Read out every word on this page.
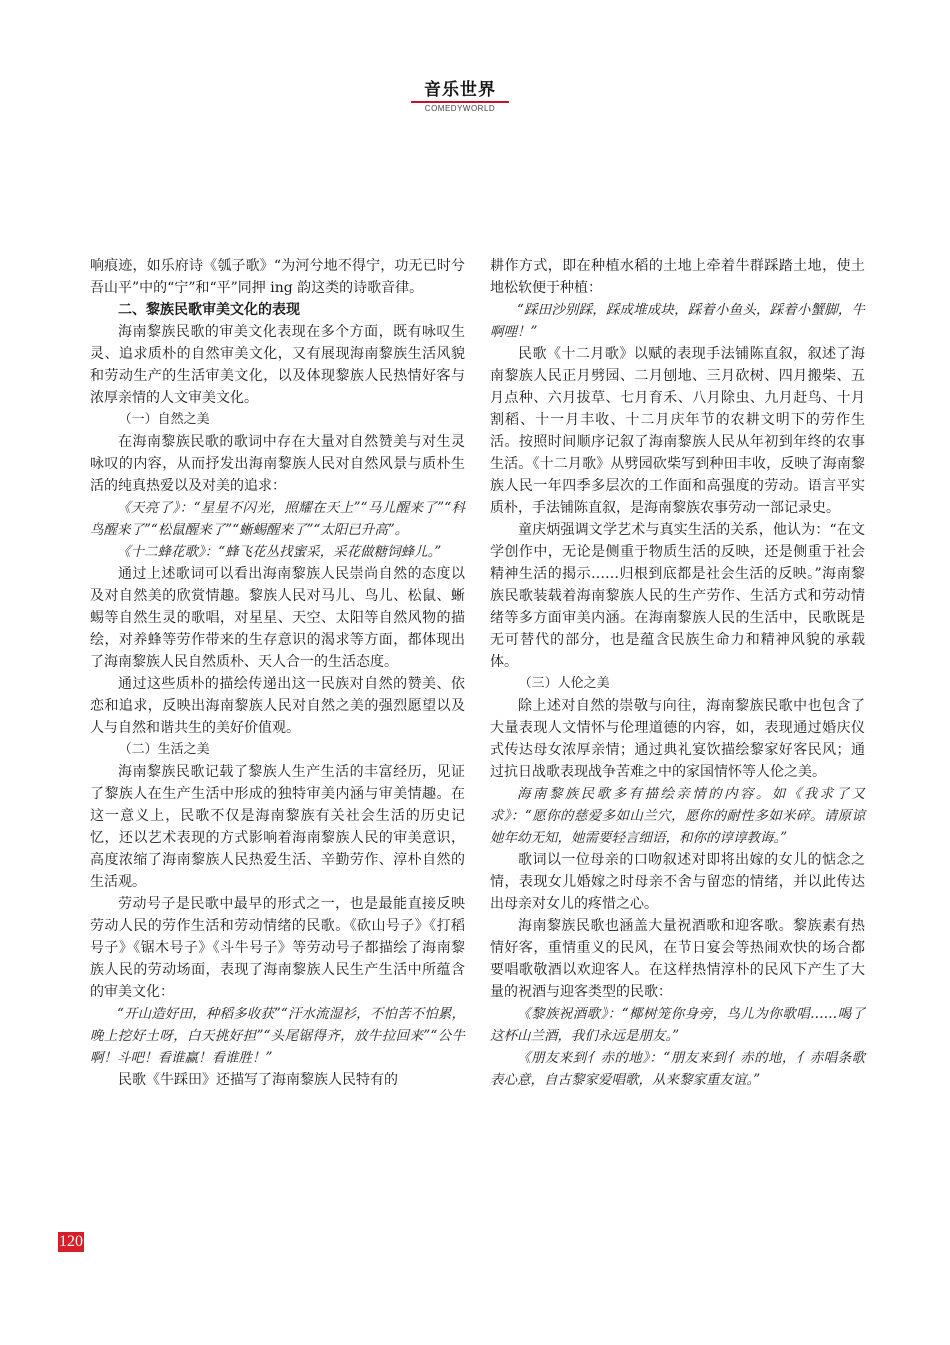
音乐世界
COMEDYWORLD

响痕迹，如乐府诗《瓠子歌》“为河兮地不得宁，功无已时兮吾山平”中的“宁”和“平”同押 ing 韵这类的诗歌音律。

二、黎族民歌审美文化的表现

海南黎族民歌的审美文化表现在多个方面，既有咏叹生灵、追求质朴的自然审美文化，又有展现海南黎族生活风貌和劳动生产的生活审美文化，以及体现黎族人民热情好客与浓厚亲情的人文审美文化。

（一）自然之美

在海南黎族民歌的歌词中存在大量对自然赞美与对生灵咏叹的内容，从而抒发出海南黎族人民对自然风景与质朴生活的纯真热爱以及对美的追求：

《天亮了》：“星星不闪光，照耀在天上”“马儿醒来了”“科鸟醒来了”“松鼠醒来了”“蜥蜴醒来了”“太阳已升高”。

《十二蜂花歌》：“蜂飞花丛找蜜采，采花做糖饲蜂儿。”

通过上述歌词可以看出海南黎族人民崇尚自然的态度以及对自然美的欣赏情趣。黎族人民对马儿、鸟儿、松鼠、蜥蜴等自然生灵的歌唱，对星星、天空、太阳等自然风物的描绘，对养蜂等劳作带来的生存意识的渴求等方面，都体现出了海南黎族人民自然质朴、天人合一的生活态度。

通过这些质朴的描绘传递出这一民族对自然的赞美、依恋和追求，反映出海南黎族人民对自然之美的强烈愿望以及人与自然和谐共生的美好价值观。

（二）生活之美

海南黎族民歌记载了黎族人生产生活的丰富经历，见证了黎族人在生产生活中形成的独特审美内涵与审美情趣。在这一意义上，民歌不仅是海南黎族有关社会生活的历史记忆，还以艺术表现的方式影响着海南黎族人民的审美意识，高度浓缩了海南黎族人民热爱生活、辛勤劳作、淳朴自然的生活观。

劳动号子是民歌中最早的形式之一，也是最能直接反映劳动人民的劳作生活和劳动情绪的民歌。《砍山号子》《打稻号子》《锯木号子》《斗牛号子》等劳动号子都描绘了海南黎族人民的劳动场面，表现了海南黎族人民生产生活中所蕴含的审美文化：

“开山造好田，种稻多收获”“汗水流湿衫，不怕苦不怕累，晚上挖好土呀，白天挑好担”“头尾锯得齐，放牛拉回来”“公牛啊！斗吧！看谁赢！看谁胜！”

民歌《牛踩田》还描写了海南黎族人民特有的

耕作方式，即在种植水稻的土地上牵着牛群踩踏土地，使土地松软便于种植：

“踩田沙别踩，踩成堆成块，踩着小鱼头，踩着小蟹脚，牛啊哩！”

民歌《十二月歌》以赋的表现手法铺陈直叙，叙述了海南黎族人民正月劈园、二月刨地、三月砍树、四月搬柴、五月点种、六月拔草、七月育禾、八月除虫、九月赶鸟、十月割稻、十一月丰收、十二月庆年节的农耕文明下的劳作生活。按照时间顺序记叙了海南黎族人民从年初到年终的农事生活。《十二月歌》从劈园砍柴写到种田丰收，反映了海南黎族人民一年四季多层次的工作面和高强度的劳动。语言平实质朴，手法铺陈直叙，是海南黎族农事劳动一部记录史。

童庆炳强调文学艺术与真实生活的关系，他认为：“在文学创作中，无论是侧重于物质生活的反映，还是侧重于社会精神生活的揭示……归根到底都是社会生活的反映。”海南黎族民歌装载着海南黎族人民的生产劳作、生活方式和劳动情绪等多方面审美内涵。在海南黎族人民的生活中，民歌既是无可替代的部分，也是蕴含民族生命力和精神风貌的承载体。

（三）人伦之美

除上述对自然的崇敬与向往，海南黎族民歌中也包含了大量表现人文情怀与伦理道德的内容，如，表现通过婚庆仪式传达母女浓厚亲情；通过典礼宴饮描绘黎家好客民风；通过抗日战歌表现战争苦难之中的家国情怀等人伦之美。

海南黎族民歌多有描绘亲情的内容。如《我求了又求》：“愿你的慈爱多如山兰穴，愿你的耐性多如米碎。请原谅她年幼无知，她需要轻言细语，和你的谆谆教诲。”

歌词以一位母亲的口吻叙述对即将出嫁的女儿的惦念之情，表现女儿婚嫁之时母亲不舍与留恋的情绪，并以此传达出母亲对女儿的疼惜之心。

海南黎族民歌也涵盖大量祝酒歌和迎客歌。黎族素有热情好客，重情重义的民风，在节日宴会等热闹欢快的场合都要唱歌敬酒以欢迎客人。在这样热情淳朴的民风下产生了大量的祝酒与迎客类型的民歌：

《黎族祝酒歌》：“椰树笼你身旁，鸟儿为你歌唱……喝了这杯山兰酒，我们永远是朋友。”

《朋友来到亻赤的地》：“朋友来到亻赤的地，亻赤唱条歌表心意，自古黎家爱唱歌，从来黎家重友谊。”

120
